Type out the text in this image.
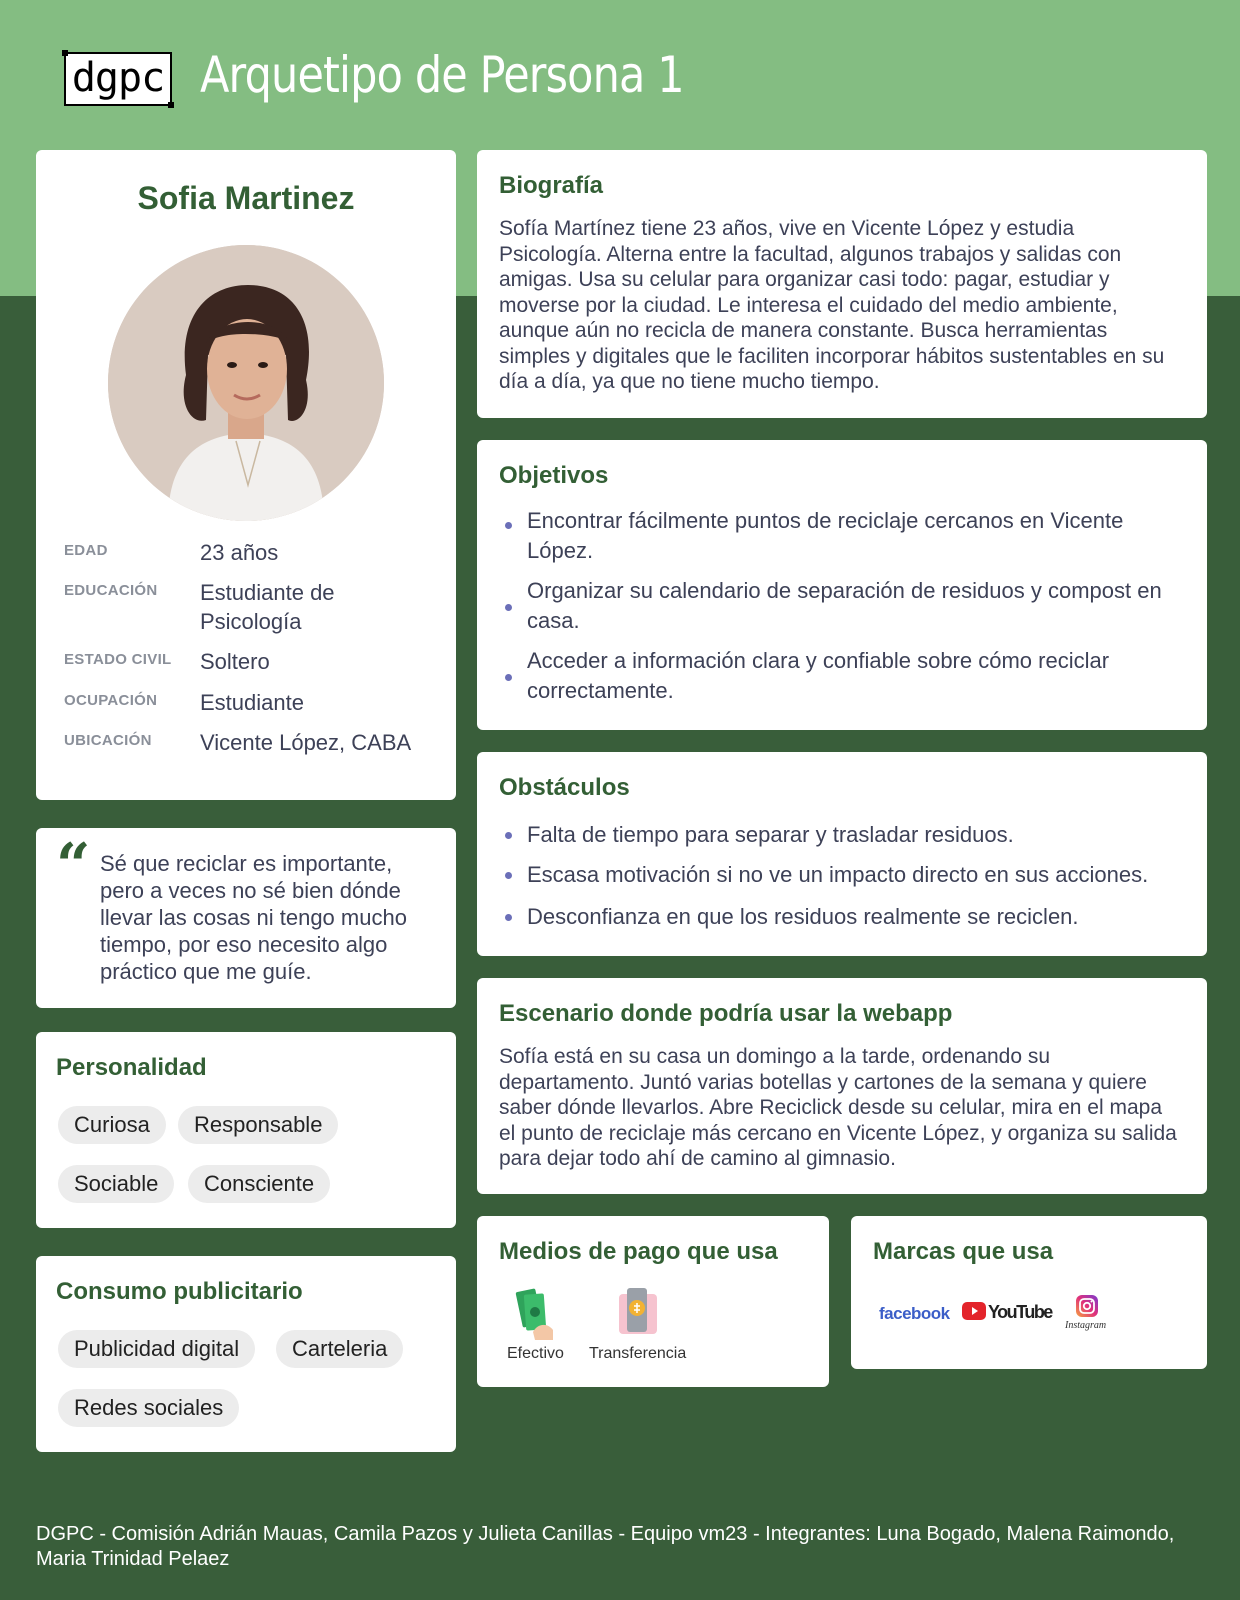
dgpc Arquetipo de Persona 1
Sofia Martinez
EDAD	23 años
EDUCACIÓN Estudiante de Psicología
ESTADO CIVIL Soltero
OCUPACIÓN Estudiante
UBICACIÓN Vicente López, CABA
“ Sé que reciclar es importante, pero a veces no sé bien dónde llevar las cosas ni tengo mucho tiempo, por eso necesito algo práctico que me guíe.
Personalidad
Curiosa	Responsable
Sociable	Consciente
Consumo publicitario
Publicidad digital	Carteleria
Redes sociales
Biografía
Sofía Martínez tiene 23 años, vive en Vicente López y estudia Psicología. Alterna entre la facultad, algunos trabajos y salidas con amigas. Usa su celular para organizar casi todo: pagar, estudiar y moverse por la ciudad. Le interesa el cuidado del medio ambiente, aunque aún no recicla de manera constante. Busca herramientas simples y digitales que le faciliten incorporar hábitos sustentables en su día a día, ya que no tiene mucho tiempo.
Objetivos
Encontrar fácilmente puntos de reciclaje cercanos en Vicente López.
Organizar su calendario de separación de residuos y compost en casa.
Acceder a información clara y confiable sobre cómo reciclar correctamente.
Obstáculos
Falta de tiempo para separar y trasladar residuos.
Escasa motivación si no ve un impacto directo en sus acciones.
Desconfianza en que los residuos realmente se reciclen.
Escenario donde podría usar la webapp
Sofía está en su casa un domingo a la tarde, ordenando su departamento. Juntó varias botellas y cartones de la semana y quiere saber dónde llevarlos. Abre Reciclick desde su celular, mira en el mapa el punto de reciclaje más cercano en Vicente López, y organiza su salida para dejar todo ahí de camino al gimnasio.
Medios de pago que usa
Efectivo Transferencia
Marcas que usa
facebook YouTube
Instagram
DGPC - Comisión Adrián Mauas, Camila Pazos y Julieta Canillas - Equipo vm23 - Integrantes: Luna Bogado, Malena Raimondo, Maria Trinidad Pelaez
